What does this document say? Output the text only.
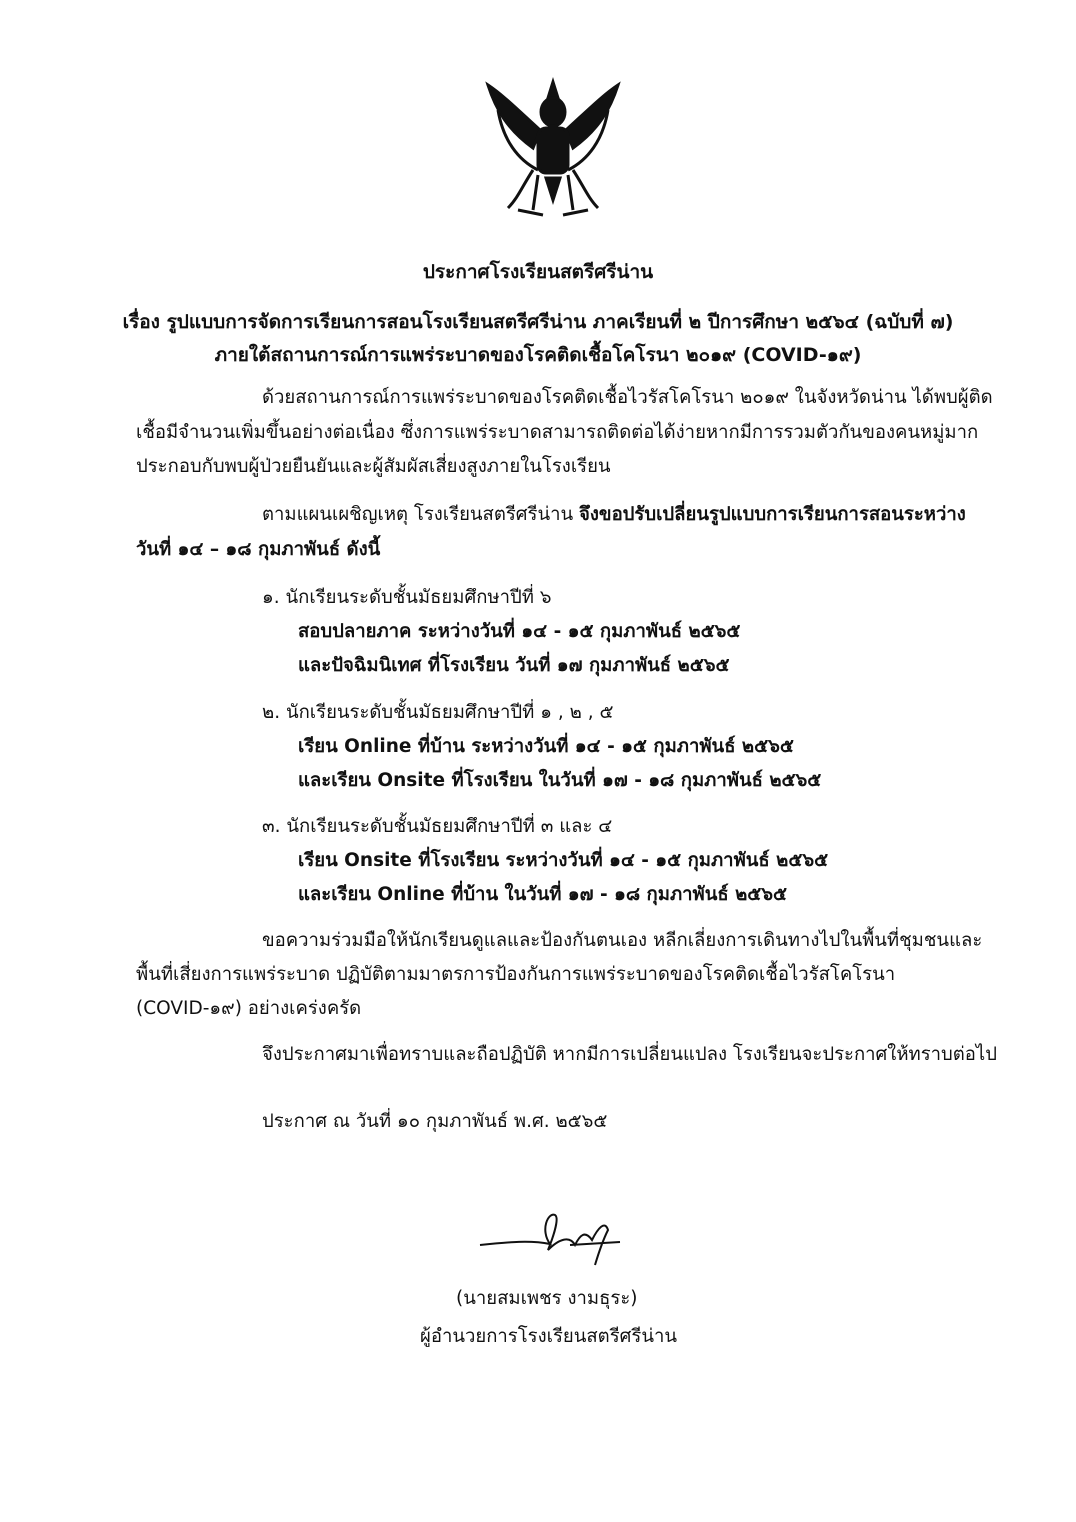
ประกาศโรงเรียนสตรีศรีน่าน
เรื่อง รูปแบบการจัดการเรียนการสอนโรงเรียนสตรีศรีน่าน ภาคเรียนที่ ๒ ปีการศึกษา ๒๕๖๔ (ฉบับที่ ๗)
ภายใต้สถานการณ์การแพร่ระบาดของโรคติดเชื้อโคโรนา ๒๐๑๙ (COVID-๑๙)
ด้วยสถานการณ์การแพร่ระบาดของโรคติดเชื้อไวรัสโคโรนา ๒๐๑๙ ในจังหวัดน่าน ได้พบผู้ติด
เชื้อมีจำนวนเพิ่มขึ้นอย่างต่อเนื่อง ซึ่งการแพร่ระบาดสามารถติดต่อได้ง่ายหากมีการรวมตัวกันของคนหมู่มาก
ประกอบกับพบผู้ป่วยยืนยันและผู้สัมผัสเสี่ยงสูงภายในโรงเรียน
ตามแผนเผชิญเหตุ โรงเรียนสตรีศรีน่าน จึงขอปรับเปลี่ยนรูปแบบการเรียนการสอนระหว่าง
วันที่ ๑๔ – ๑๘ กุมภาพันธ์ ดังนี้
๑. นักเรียนระดับชั้นมัธยมศึกษาปีที่ ๖
สอบปลายภาค ระหว่างวันที่ ๑๔ - ๑๕ กุมภาพันธ์ ๒๕๖๕
และปัจฉิมนิเทศ ที่โรงเรียน วันที่ ๑๗ กุมภาพันธ์ ๒๕๖๕
๒. นักเรียนระดับชั้นมัธยมศึกษาปีที่ ๑ , ๒ , ๕
เรียน Online ที่บ้าน ระหว่างวันที่ ๑๔ - ๑๕ กุมภาพันธ์ ๒๕๖๕
และเรียน Onsite ที่โรงเรียน ในวันที่ ๑๗ - ๑๘ กุมภาพันธ์ ๒๕๖๕
๓. นักเรียนระดับชั้นมัธยมศึกษาปีที่ ๓ และ ๔
เรียน Onsite ที่โรงเรียน ระหว่างวันที่ ๑๔ - ๑๕ กุมภาพันธ์ ๒๕๖๕
และเรียน Online ที่บ้าน ในวันที่ ๑๗ - ๑๘ กุมภาพันธ์ ๒๕๖๕
ขอความร่วมมือให้นักเรียนดูแลและป้องกันตนเอง หลีกเลี่ยงการเดินทางไปในพื้นที่ชุมชนและ
พื้นที่เสี่ยงการแพร่ระบาด ปฏิบัติตามมาตรการป้องกันการแพร่ระบาดของโรคติดเชื้อไวรัสโคโรนา
(COVID-๑๙) อย่างเคร่งครัด
จึงประกาศมาเพื่อทราบและถือปฏิบัติ หากมีการเปลี่ยนแปลง โรงเรียนจะประกาศให้ทราบต่อไป
ประกาศ ณ วันที่ ๑๐ กุมภาพันธ์ พ.ศ. ๒๕๖๕
(นายสมเพชร งามธุระ)
ผู้อำนวยการโรงเรียนสตรีศรีน่าน
